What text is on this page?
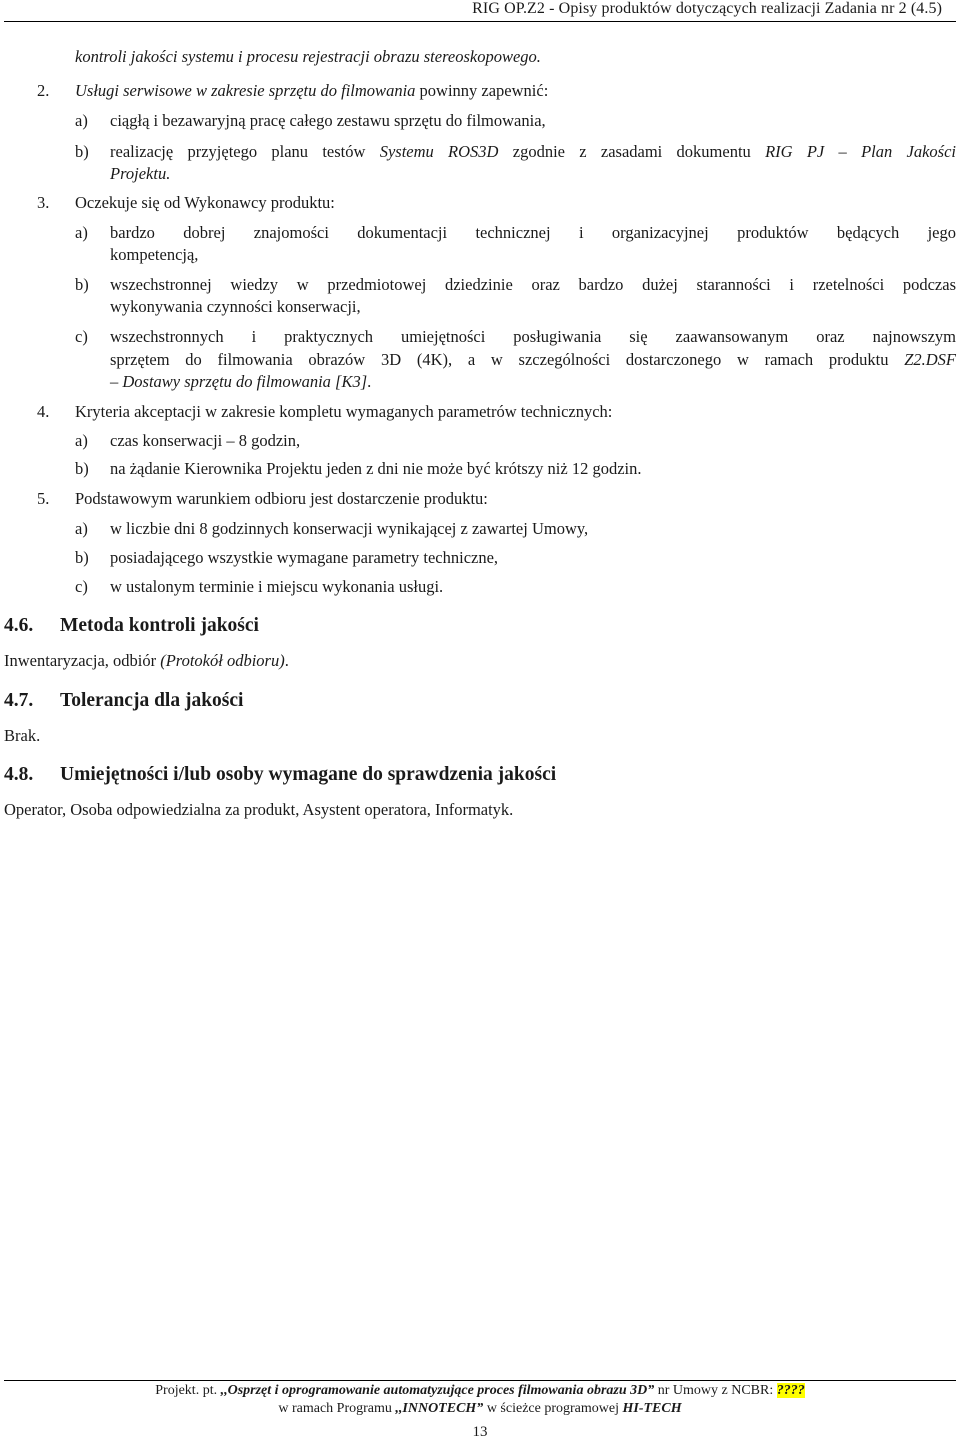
RIG OP.Z2 - Opisy produktów dotyczących realizacji Zadania nr 2 (4.5)
kontroli jakości systemu i procesu rejestracji obrazu stereoskopowego.
2. Usługi serwisowe w zakresie sprzętu do filmowania powinny zapewnić:
a) ciągłą i bezawaryjną pracę całego zestawu sprzętu do filmowania,
b) realizację przyjętego planu testów Systemu ROS3D zgodnie z zasadami dokumentu RIG PJ – Plan Jakości
Projektu.
3. Oczekuje się od Wykonawcy produktu:
a) bardzo dobrej znajomości dokumentacji technicznej i organizacyjnej produktów będących jego
kompetencją,
b) wszechstronnej wiedzy w przedmiotowej dziedzinie oraz bardzo dużej staranności i rzetelności podczas
wykonywania czynności konserwacji,
c) wszechstronnych i praktycznych umiejętności posługiwania się zaawansowanym oraz najnowszym
sprzętem do filmowania obrazów 3D (4K), a w szczególności dostarczonego w ramach produktu Z2.DSF
– Dostawy sprzętu do filmowania [K3].
4. Kryteria akceptacji w zakresie kompletu wymaganych parametrów technicznych:
a) czas konserwacji – 8 godzin,
b) na żądanie Kierownika Projektu jeden z dni nie może być krótszy niż 12 godzin.
5. Podstawowym warunkiem odbioru jest dostarczenie produktu:
a) w liczbie dni 8 godzinnych konserwacji wynikającej z zawartej Umowy,
b) posiadającego wszystkie wymagane parametry techniczne,
c) w ustalonym terminie i miejscu wykonania usługi.
4.6. Metoda kontroli jakości
Inwentaryzacja, odbiór (Protokół odbioru).
4.7. Tolerancja dla jakości
Brak.
4.8. Umiejętności i/lub osoby wymagane do sprawdzenia jakości
Operator, Osoba odpowiedzialna za produkt, Asystent operatora, Informatyk.
Projekt. pt. ,,Osprzęt i oprogramowanie automatyzujące proces filmowania obrazu 3D” nr Umowy z NCBR: ????
w ramach Programu ,,INNOTECH” w ścieżce programowej HI-TECH
13
